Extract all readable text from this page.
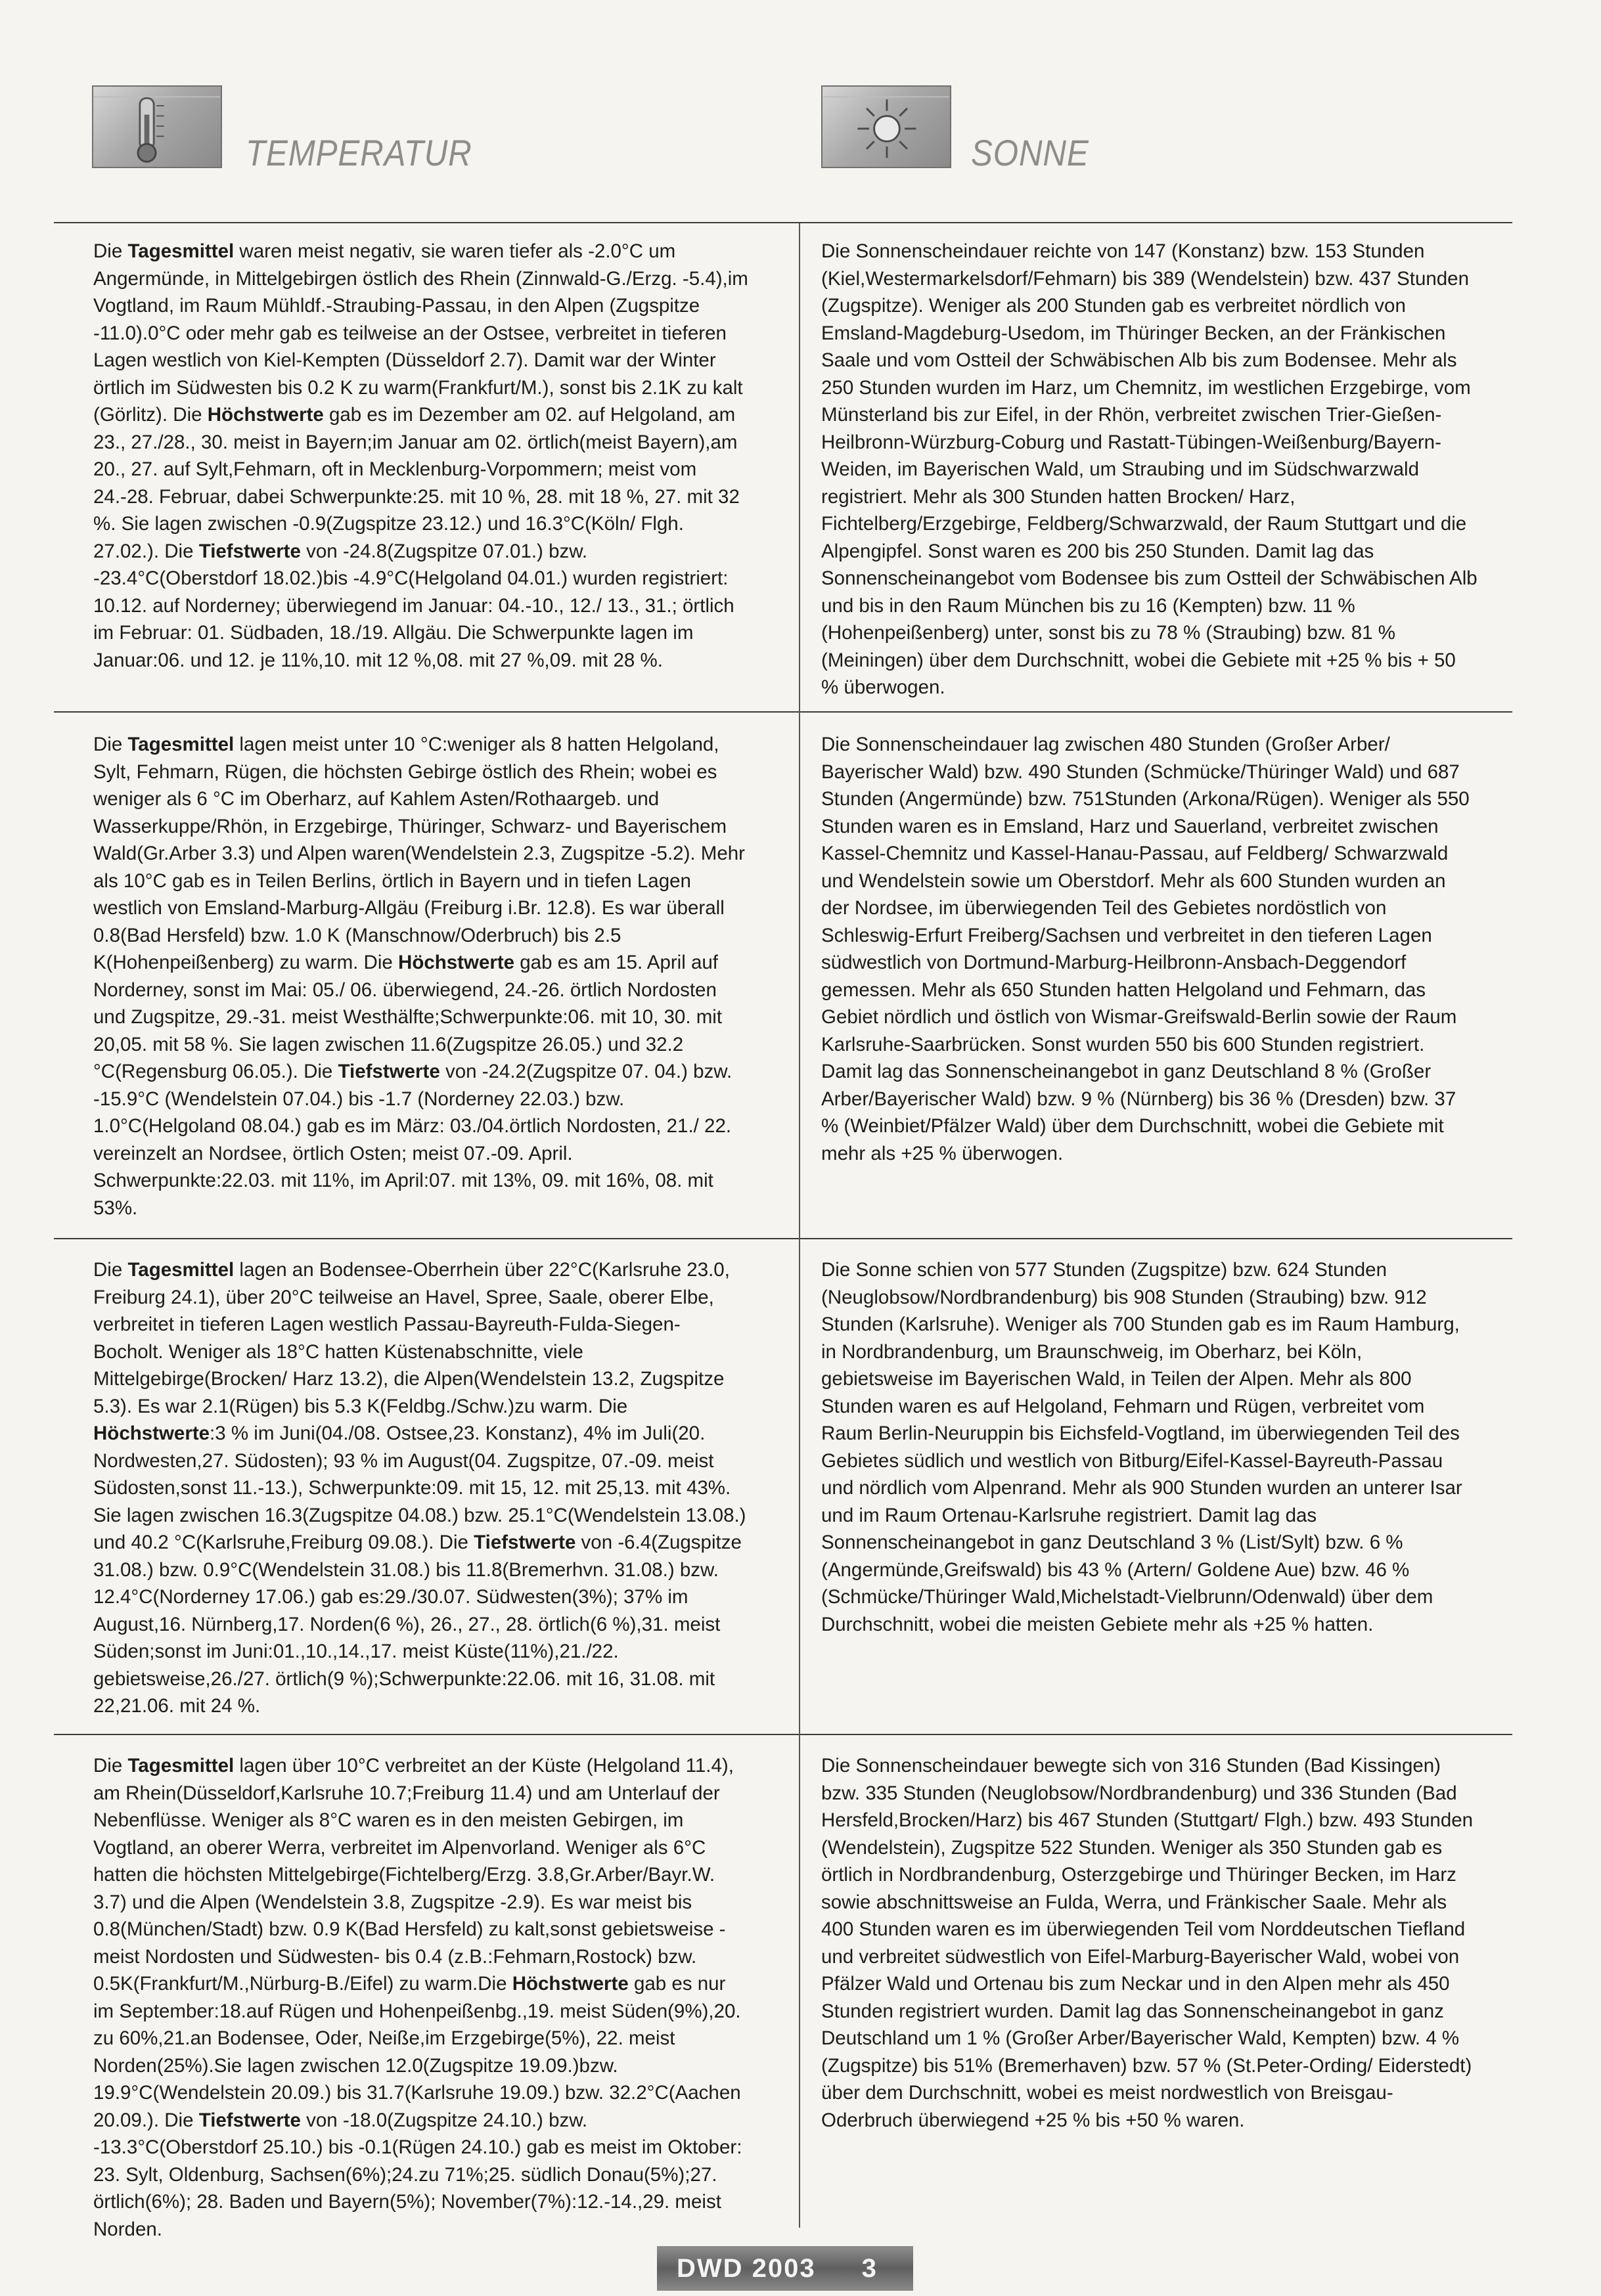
TEMPERATUR	SONNE

Die Tagesmittel waren meist negativ, sie waren tiefer als -2.0°C um Angermünde, in Mittelgebirgen östlich des Rhein (Zinnwald-G./Erzg. -5.4),im Vogtland, im Raum Mühldf.-Straubing-Passau, in den Alpen (Zugspitze -11.0).0°C oder mehr gab es teilweise an der Ostsee, verbreitet in tieferen Lagen westlich von Kiel-Kempten (Düsseldorf 2.7). Damit war der Winter örtlich im Südwesten bis 0.2 K zu warm(Frankfurt/M.), sonst bis 2.1K zu kalt (Görlitz). Die Höchstwerte gab es im Dezember am 02. auf Helgoland, am 23., 27./28., 30. meist in Bayern;im Januar am 02. örtlich(meist Bayern),am 20., 27. auf Sylt,Fehmarn, oft in Mecklenburg-Vorpommern; meist vom 24.-28. Februar, dabei Schwerpunkte:25. mit 10 %, 28. mit 18 %, 27. mit 32 %. Sie lagen zwischen -0.9(Zugspitze 23.12.) und 16.3°C(Köln/ Flgh. 27.02.). Die Tiefstwerte von -24.8(Zugspitze 07.01.) bzw. -23.4°C(Oberstdorf 18.02.)bis -4.9°C(Helgoland 04.01.) wurden registriert: 10.12. auf Norderney; überwiegend im Januar: 04.-10., 12./ 13., 31.; örtlich im Februar: 01. Südbaden, 18./19. Allgäu. Die Schwerpunkte lagen im Januar:06. und 12. je 11%,10. mit 12 %,08. mit 27 %,09. mit 28 %.

Die Sonnenscheindauer reichte von 147 (Konstanz) bzw. 153 Stunden (Kiel,Westermarkelsdorf/Fehmarn) bis 389 (Wendelstein) bzw. 437 Stunden (Zugspitze). Weniger als 200 Stunden gab es verbreitet nördlich von Emsland-Magdeburg-Usedom, im Thüringer Becken, an der Fränkischen Saale und vom Ostteil der Schwäbischen Alb bis zum Bodensee. Mehr als 250 Stunden wurden im Harz, um Chemnitz, im westlichen Erzgebirge, vom Münsterland bis zur Eifel, in der Rhön, verbreitet zwischen Trier-Gießen-Heilbronn-Würzburg-Coburg und Rastatt-Tübingen-Weißenburg/Bayern-Weiden, im Bayerischen Wald, um Straubing und im Südschwarzwald registriert. Mehr als 300 Stunden hatten Brocken/ Harz, Fichtelberg/Erzgebirge, Feldberg/Schwarzwald, der Raum Stuttgart und die Alpengipfel. Sonst waren es 200 bis 250 Stunden. Damit lag das Sonnenscheinangebot vom Bodensee bis zum Ostteil der Schwäbischen Alb und bis in den Raum München bis zu 16 (Kempten) bzw. 11 % (Hohenpeißenberg) unter, sonst bis zu 78 % (Straubing) bzw. 81 % (Meiningen) über dem Durchschnitt, wobei die Gebiete mit +25 % bis + 50 % überwogen.

Die Tagesmittel lagen meist unter 10 °C:weniger als 8 hatten Helgoland, Sylt, Fehmarn, Rügen, die höchsten Gebirge östlich des Rhein; wobei es weniger als 6 °C im Oberharz, auf Kahlem Asten/Rothaargeb. und Wasserkuppe/Rhön, in Erzgebirge, Thüringer, Schwarz- und Bayerischem Wald(Gr.Arber 3.3) und Alpen waren(Wendelstein 2.3, Zugspitze -5.2). Mehr als 10°C gab es in Teilen Berlins, örtlich in Bayern und in tiefen Lagen westlich von Emsland-Marburg-Allgäu (Freiburg i.Br. 12.8). Es war überall 0.8(Bad Hersfeld) bzw. 1.0 K (Manschnow/Oderbruch) bis 2.5 K(Hohenpeißenberg) zu warm. Die Höchstwerte gab es am 15. April auf Norderney, sonst im Mai: 05./ 06. überwiegend, 24.-26. örtlich Nordosten und Zugspitze, 29.-31. meist Westhälfte;Schwerpunkte:06. mit 10, 30. mit 20,05. mit 58 %. Sie lagen zwischen 11.6(Zugspitze 26.05.) und 32.2 °C(Regensburg 06.05.). Die Tiefstwerte von -24.2(Zugspitze 07. 04.) bzw. -15.9°C (Wendelstein 07.04.) bis -1.7 (Norderney 22.03.) bzw. 1.0°C(Helgoland 08.04.) gab es im März: 03./04.örtlich Nordosten, 21./ 22. vereinzelt an Nordsee, örtlich Osten; meist 07.-09. April. Schwerpunkte:22.03. mit 11%, im April:07. mit 13%, 09. mit 16%, 08. mit 53%.

Die Sonnenscheindauer lag zwischen 480 Stunden (Großer Arber/ Bayerischer Wald) bzw. 490 Stunden (Schmücke/Thüringer Wald) und 687 Stunden (Angermünde) bzw. 751Stunden (Arkona/Rügen). Weniger als 550 Stunden waren es in Emsland, Harz und Sauerland, verbreitet zwischen Kassel-Chemnitz und Kassel-Hanau-Passau, auf Feldberg/ Schwarzwald und Wendelstein sowie um Oberstdorf. Mehr als 600 Stunden wurden an der Nordsee, im überwiegenden Teil des Gebietes nordöstlich von Schleswig-Erfurt Freiberg/Sachsen und verbreitet in den tieferen Lagen südwestlich von Dortmund-Marburg-Heilbronn-Ansbach-Deggendorf gemessen. Mehr als 650 Stunden hatten Helgoland und Fehmarn, das Gebiet nördlich und östlich von Wismar-Greifswald-Berlin sowie der Raum Karlsruhe-Saarbrücken. Sonst wurden 550 bis 600 Stunden registriert. Damit lag das Sonnenscheinangebot in ganz Deutschland 8 % (Großer Arber/Bayerischer Wald) bzw. 9 % (Nürnberg) bis 36 % (Dresden) bzw. 37 % (Weinbiet/Pfälzer Wald) über dem Durchschnitt, wobei die Gebiete mit mehr als +25 % überwogen.

Die Tagesmittel lagen an Bodensee-Oberrhein über 22°C(Karlsruhe 23.0, Freiburg 24.1), über 20°C teilweise an Havel, Spree, Saale, oberer Elbe, verbreitet in tieferen Lagen westlich Passau-Bayreuth-Fulda-Siegen-Bocholt. Weniger als 18°C hatten Küstenabschnitte, viele Mittelgebirge(Brocken/ Harz 13.2), die Alpen(Wendelstein 13.2, Zugspitze 5.3). Es war 2.1(Rügen) bis 5.3 K(Feldbg./Schw.)zu warm. Die Höchstwerte:3 % im Juni(04./08. Ostsee,23. Konstanz), 4% im Juli(20. Nordwesten,27. Südosten); 93 % im August(04. Zugspitze, 07.-09. meist Südosten,sonst 11.-13.), Schwerpunkte:09. mit 15, 12. mit 25,13. mit 43%. Sie lagen zwischen 16.3(Zugspitze 04.08.) bzw. 25.1°C(Wendelstein 13.08.) und 40.2 °C(Karlsruhe,Freiburg 09.08.). Die Tiefstwerte von -6.4(Zugspitze 31.08.) bzw. 0.9°C(Wendelstein 31.08.) bis 11.8(Bremerhvn. 31.08.) bzw. 12.4°C(Norderney 17.06.) gab es:29./30.07. Südwesten(3%); 37% im August,16. Nürnberg,17. Norden(6 %), 26., 27., 28. örtlich(6 %),31. meist Süden;sonst im Juni:01.,10.,14.,17. meist Küste(11%),21./22. gebietsweise,26./27. örtlich(9 %);Schwerpunkte:22.06. mit 16, 31.08. mit 22,21.06. mit 24 %.

Die Sonne schien von 577 Stunden (Zugspitze) bzw. 624 Stunden (Neuglobsow/Nordbrandenburg) bis 908 Stunden (Straubing) bzw. 912 Stunden (Karlsruhe). Weniger als 700 Stunden gab es im Raum Hamburg, in Nordbrandenburg, um Braunschweig, im Oberharz, bei Köln, gebietsweise im Bayerischen Wald, in Teilen der Alpen. Mehr als 800 Stunden waren es auf Helgoland, Fehmarn und Rügen, verbreitet vom Raum Berlin-Neuruppin bis Eichsfeld-Vogtland, im überwiegenden Teil des Gebietes südlich und westlich von Bitburg/Eifel-Kassel-Bayreuth-Passau und nördlich vom Alpenrand. Mehr als 900 Stunden wurden an unterer Isar und im Raum Ortenau-Karlsruhe registriert. Damit lag das Sonnenscheinangebot in ganz Deutschland 3 % (List/Sylt) bzw. 6 % (Angermünde,Greifswald) bis 43 % (Artern/ Goldene Aue) bzw. 46 % (Schmücke/Thüringer Wald,Michelstadt-Vielbrunn/Odenwald) über dem Durchschnitt, wobei die meisten Gebiete mehr als +25 % hatten.

Die Tagesmittel lagen über 10°C verbreitet an der Küste (Helgoland 11.4), am Rhein(Düsseldorf,Karlsruhe 10.7;Freiburg 11.4) und am Unterlauf der Nebenflüsse. Weniger als 8°C waren es in den meisten Gebirgen, im Vogtland, an oberer Werra, verbreitet im Alpenvorland. Weniger als 6°C hatten die höchsten Mittelgebirge(Fichtelberg/Erzg. 3.8,Gr.Arber/Bayr.W. 3.7) und die Alpen (Wendelstein 3.8, Zugspitze -2.9). Es war meist bis 0.8(München/Stadt) bzw. 0.9 K(Bad Hersfeld) zu kalt,sonst gebietsweise -meist Nordosten und Südwesten- bis 0.4 (z.B.:Fehmarn,Rostock) bzw. 0.5K(Frankfurt/M.,Nürburg-B./Eifel) zu warm.Die Höchstwerte gab es nur im September:18.auf Rügen und Hohenpeißenbg.,19. meist Süden(9%),20. zu 60%,21.an Bodensee, Oder, Neiße,im Erzgebirge(5%), 22. meist Norden(25%).Sie lagen zwischen 12.0(Zugspitze 19.09.)bzw. 19.9°C(Wendelstein 20.09.) bis 31.7(Karlsruhe 19.09.) bzw. 32.2°C(Aachen 20.09.). Die Tiefstwerte von -18.0(Zugspitze 24.10.) bzw. -13.3°C(Oberstdorf 25.10.) bis -0.1(Rügen 24.10.) gab es meist im Oktober: 23. Sylt, Oldenburg, Sachsen(6%);24.zu 71%;25. südlich Donau(5%);27. örtlich(6%); 28. Baden und Bayern(5%); November(7%):12.-14.,29. meist Norden.

Die Sonnenscheindauer bewegte sich von 316 Stunden (Bad Kissingen) bzw. 335 Stunden (Neuglobsow/Nordbrandenburg) und 336 Stunden (Bad Hersfeld,Brocken/Harz) bis 467 Stunden (Stuttgart/ Flgh.) bzw. 493 Stunden (Wendelstein), Zugspitze 522 Stunden. Weniger als 350 Stunden gab es örtlich in Nordbrandenburg, Osterzgebirge und Thüringer Becken, im Harz sowie abschnittsweise an Fulda, Werra, und Fränkischer Saale. Mehr als 400 Stunden waren es im überwiegenden Teil vom Norddeutschen Tiefland und verbreitet südwestlich von Eifel-Marburg-Bayerischer Wald, wobei von Pfälzer Wald und Ortenau bis zum Neckar und in den Alpen mehr als 450 Stunden registriert wurden. Damit lag das Sonnenscheinangebot in ganz Deutschland um 1 % (Großer Arber/Bayerischer Wald, Kempten) bzw. 4 % (Zugspitze) bis 51% (Bremerhaven) bzw. 57 % (St.Peter-Ording/ Eiderstedt) über dem Durchschnitt, wobei es meist nordwestlich von Breisgau-Oderbruch überwiegend +25 % bis +50 % waren.

DWD 2003 3
